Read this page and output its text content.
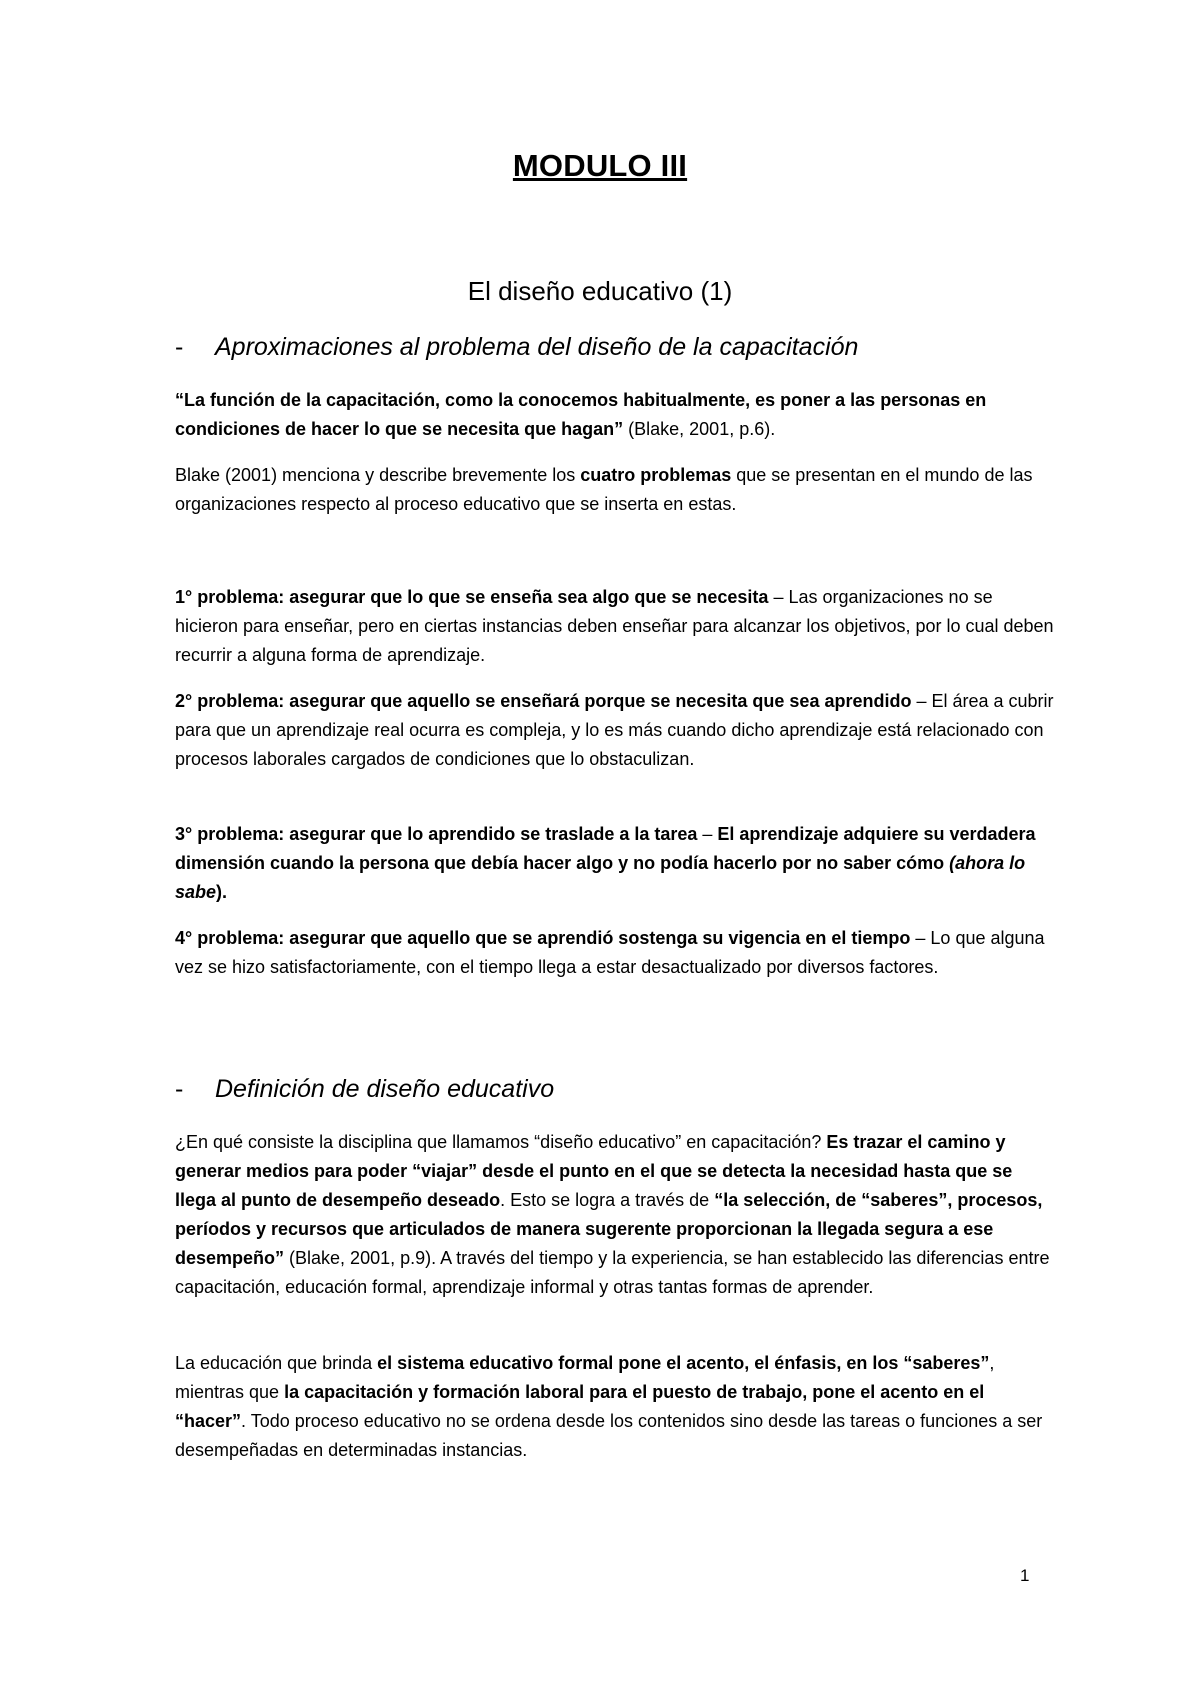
MODULO III
El diseño educativo (1)
- Aproximaciones al problema del diseño de la capacitación
“La función de la capacitación, como la conocemos habitualmente, es poner a las personas en condiciones de hacer lo que se necesita que hagan” (Blake, 2001, p.6).
Blake (2001) menciona y describe brevemente los cuatro problemas que se presentan en el mundo de las organizaciones respecto al proceso educativo que se inserta en estas.
1° problema: asegurar que lo que se enseña sea algo que se necesita – Las organizaciones no se hicieron para enseñar, pero en ciertas instancias deben enseñar para alcanzar los objetivos, por lo cual deben recurrir a alguna forma de aprendizaje.
2° problema: asegurar que aquello se enseñará porque se necesita que sea aprendido – El área a cubrir para que un aprendizaje real ocurra es compleja, y lo es más cuando dicho aprendizaje está relacionado con procesos laborales cargados de condiciones que lo obstaculizan.
3° problema: asegurar que lo aprendido se traslade a la tarea – El aprendizaje adquiere su verdadera dimensión cuando la persona que debía hacer algo y no podía hacerlo por no saber cómo (ahora lo sabe).
4° problema: asegurar que aquello que se aprendió sostenga su vigencia en el tiempo – Lo que alguna vez se hizo satisfactoriamente, con el tiempo llega a estar desactualizado por diversos factores.
- Definición de diseño educativo
¿En qué consiste la disciplina que llamamos “diseño educativo” en capacitación? Es trazar el camino y generar medios para poder “viajar” desde el punto en el que se detecta la necesidad hasta que se llega al punto de desempeño deseado. Esto se logra a través de “la selección, de “saberes”, procesos, períodos y recursos que articulados de manera sugerente proporcionan la llegada segura a ese desempeño” (Blake, 2001, p.9). A través del tiempo y la experiencia, se han establecido las diferencias entre capacitación, educación formal, aprendizaje informal y otras tantas formas de aprender.
La educación que brinda el sistema educativo formal pone el acento, el énfasis, en los “saberes”, mientras que la capacitación y formación laboral para el puesto de trabajo, pone el acento en el “hacer”. Todo proceso educativo no se ordena desde los contenidos sino desde las tareas o funciones a ser desempeñadas en determinadas instancias.
1
